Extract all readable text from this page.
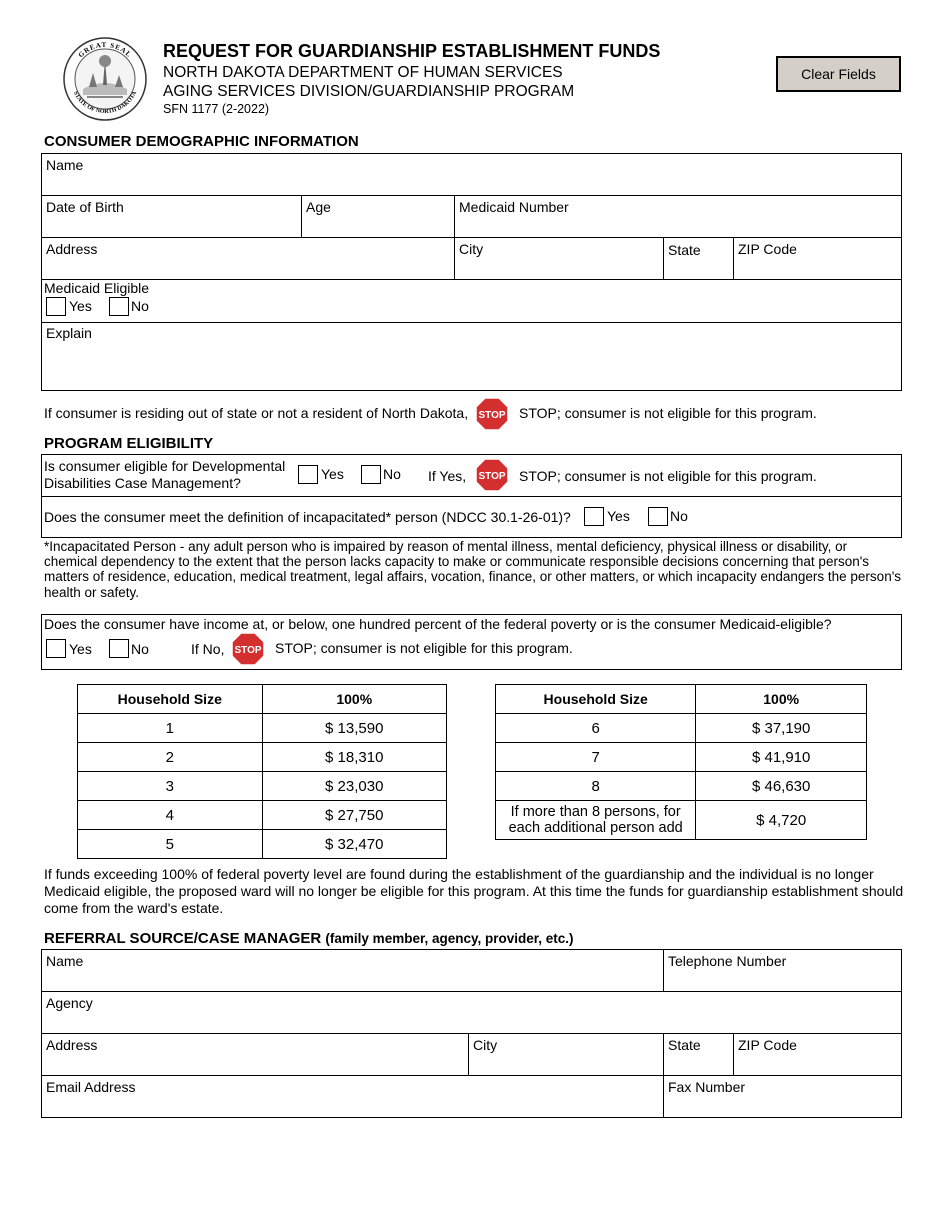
GREAT SEAL
STATE OF NORTH DAKOTA
REQUEST FOR GUARDIANSHIP ESTABLISHMENT FUNDS
NORTH DAKOTA DEPARTMENT OF HUMAN SERVICES
AGING SERVICES DIVISION/GUARDIANSHIP PROGRAM
SFN 1177 (2-2022)
Clear Fields
CONSUMER DEMOGRAPHIC INFORMATION
Name
Date of Birth	Age	Medicaid Number
Address	City	State	ZIP Code
Medicaid Eligible
Yes	No
Explain
If consumer is residing out of state or not a resident of North Dakota, STOP STOP; consumer is not eligible for this program.
PROGRAM ELIGIBILITY
Is consumer eligible for Developmental
Disabilities Case Management?
Yes	No If Yes, STOP STOP; consumer is not eligible for this program.
Does the consumer meet the definition of incapacitated* person (NDCC 30.1-26-01)?	Yes	No
*Incapacitated Person - any adult person who is impaired by reason of mental illness, mental deficiency, physical illness or disability, or chemical dependency to the extent that the person lacks capacity to make or communicate responsible decisions concerning that person's matters of residence, education, medical treatment, legal affairs, vocation, finance, or other matters, or which incapacity endangers the person's health or safety.
Does the consumer have income at, or below, one hundred percent of the federal poverty or is the consumer Medicaid-eligible?
Yes	No	If No, STOP STOP; consumer is not eligible for this program.
Household Size	100%
1	$ 13,590
2	$ 18,310
3	$ 23,030
4	$ 27,750
5	$ 32,470
Household Size	100%
6	$ 37,190
7	$ 41,910
8	$ 46,630

If more than 8 persons, for
each additional person add	$ 4,720
If funds exceeding 100% of federal poverty level are found during the establishment of the guardianship and the individual is no longer Medicaid eligible, the proposed ward will no longer be eligible for this program. At this time the funds for guardianship establishment should come from the ward's estate.
REFERRAL SOURCE/CASE MANAGER (family member, agency, provider, etc.)
Name	Telephone Number
Agency
Address	City	State	ZIP Code
Email Address	Fax Number
